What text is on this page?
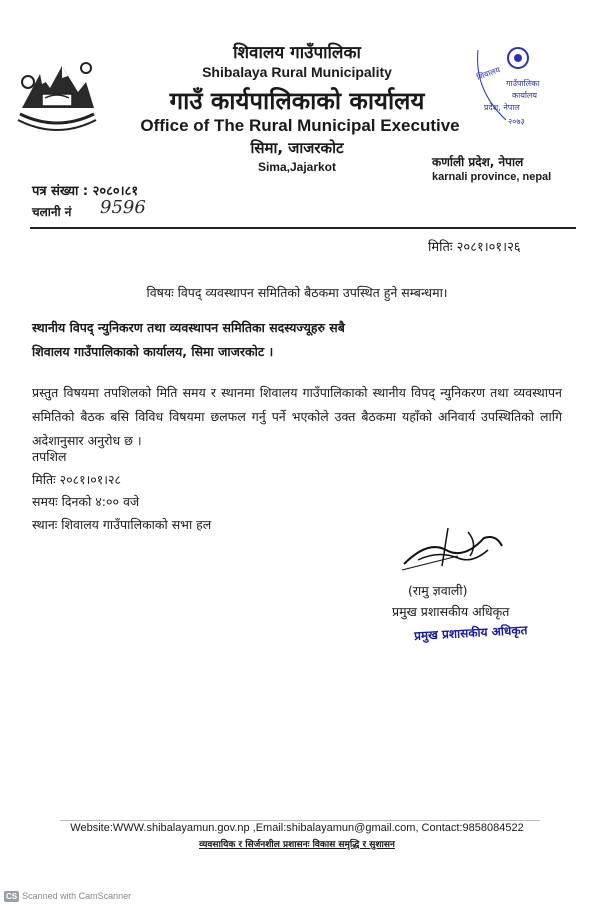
शिवालय गाउँपालिका
Shibalaya Rural Municipality
गाउँ कार्यपालिकाको कार्यालय
Office of The Rural Municipal Executive
सिमा, जाजरकोट
Sima,Jajarkot	कर्णाली प्रदेश, नेपाल
karnali province, nepal
शिवालय
गाउँपालिका
कार्यालय
प्रदेश, नेपाल
२०७३
पत्र संख्या : २०८०।८१
चलानी नं 9596
मितिः २०८१।०१।२६
विषयः विपद् व्यवस्थापन समितिको बैठकमा उपस्थित हुने सम्बन्धमा।
स्थानीय विपद् न्युनिकरण तथा व्यवस्थापन समितिका सदस्यज्यूहरु सबै
शिवालय गाउँपालिकाको कार्यालय, सिमा जाजरकोट ।
प्रस्तुत विषयमा तपशिलको मिति समय र स्थानमा शिवालय गाउँपालिकाको स्थानीय विपद् न्युनिकरण तथा व्यवस्थापन समितिको बैठक बसि विविध विषयमा छलफल गर्नु पर्ने भएकोले उक्त बैठकमा यहाँको अनिवार्य उपस्थितिको लागि अदेशानुसार अनुरोध छ ।
तपशिल
मितिः २०८१।०१।२८
समयः दिनको ४:०० वजे
स्थानः शिवालय गाउँपालिकाको सभा हल
(रामु ज्ञवाली)
प्रमुख प्रशासकीय अधिकृत
प्रमुख प्रशासकीय अधिकृत
Website:WWW.shibalayamun.gov.np ,Email:shibalayamun@gmail.com, Contact:9858084522
व्यवसायिक र सिर्जनशील प्रशासनः विकास समृद्धि र सुशासन
CS Scanned with CamScanner
